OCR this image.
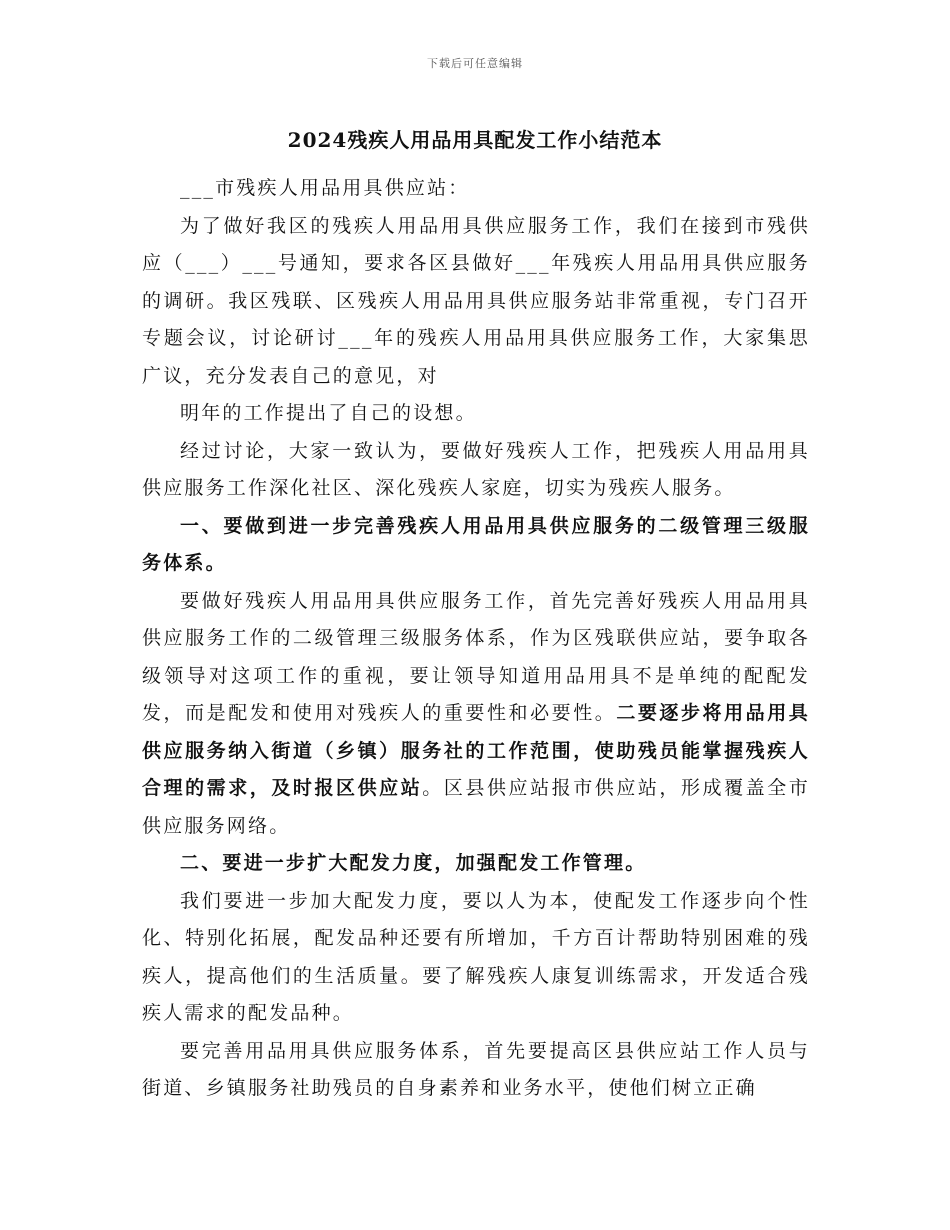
下载后可任意编辑
2024残疾人用品用具配发工作小结范本

___市残疾人用品用具供应站：

为了做好我区的残疾人用品用具供应服务工作，我们在接到市残供应（___）___号通知，要求各区县做好___年残疾人用品用具供应服务的调研。我区残联、区残疾人用品用具供应服务站非常重视，专门召开专题会议，讨论研讨___年的残疾人用品用具供应服务工作，大家集思广议，充分发表自己的意见，对

明年的工作提出了自己的设想。

经过讨论，大家一致认为，要做好残疾人工作，把残疾人用品用具供应服务工作深化社区、深化残疾人家庭，切实为残疾人服务。

一、要做到进一步完善残疾人用品用具供应服务的二级管理三级服务体系。

要做好残疾人用品用具供应服务工作，首先完善好残疾人用品用具供应服务工作的二级管理三级服务体系，作为区残联供应站，要争取各级领导对这项工作的重视，要让领导知道用品用具不是单纯的配配发发，而是配发和使用对残疾人的重要性和必要性。二要逐步将用品用具供应服务纳入街道（乡镇）服务社的工作范围，使助残员能掌握残疾人合理的需求，及时报区供应站。区县供应站报市供应站，形成覆盖全市供应服务网络。

二、要进一步扩大配发力度，加强配发工作管理。

我们要进一步加大配发力度，要以人为本，使配发工作逐步向个性化、特别化拓展，配发品种还要有所增加，千方百计帮助特别困难的残疾人，提高他们的生活质量。要了解残疾人康复训练需求，开发适合残疾人需求的配发品种。

要完善用品用具供应服务体系，首先要提高区县供应站工作人员与街道、乡镇服务社助残员的自身素养和业务水平，使他们树立正确
